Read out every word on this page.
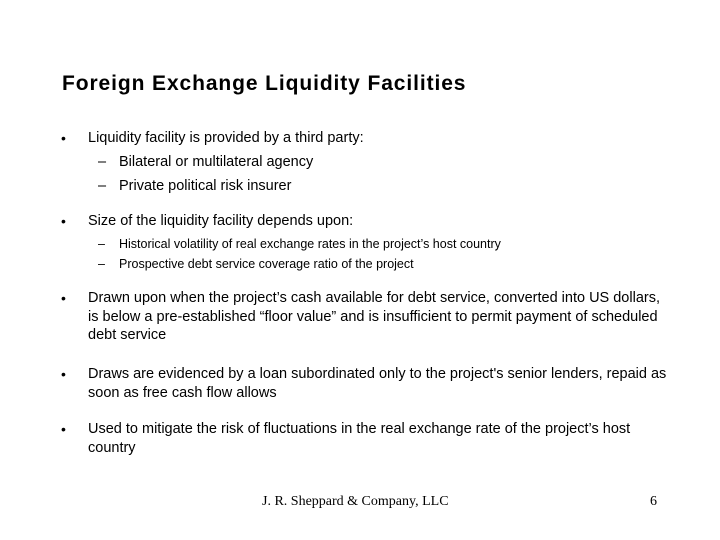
Foreign Exchange Liquidity Facilities
• Liquidity facility is provided by a third party:
– Bilateral or multilateral agency
– Private political risk insurer
• Size of the liquidity facility depends upon:
– Historical volatility of real exchange rates in the project’s host country
– Prospective debt service coverage ratio of the project
• Drawn upon when the project’s cash available for debt service, converted into US dollars, is below a pre-established “floor value” and is insufficient to permit payment of scheduled debt service
• Draws are evidenced by a loan subordinated only to the project's senior lenders, repaid as soon as free cash flow allows
• Used to mitigate the risk of fluctuations in the real exchange rate of the project’s host country
J. R. Sheppard & Company, LLC	6
